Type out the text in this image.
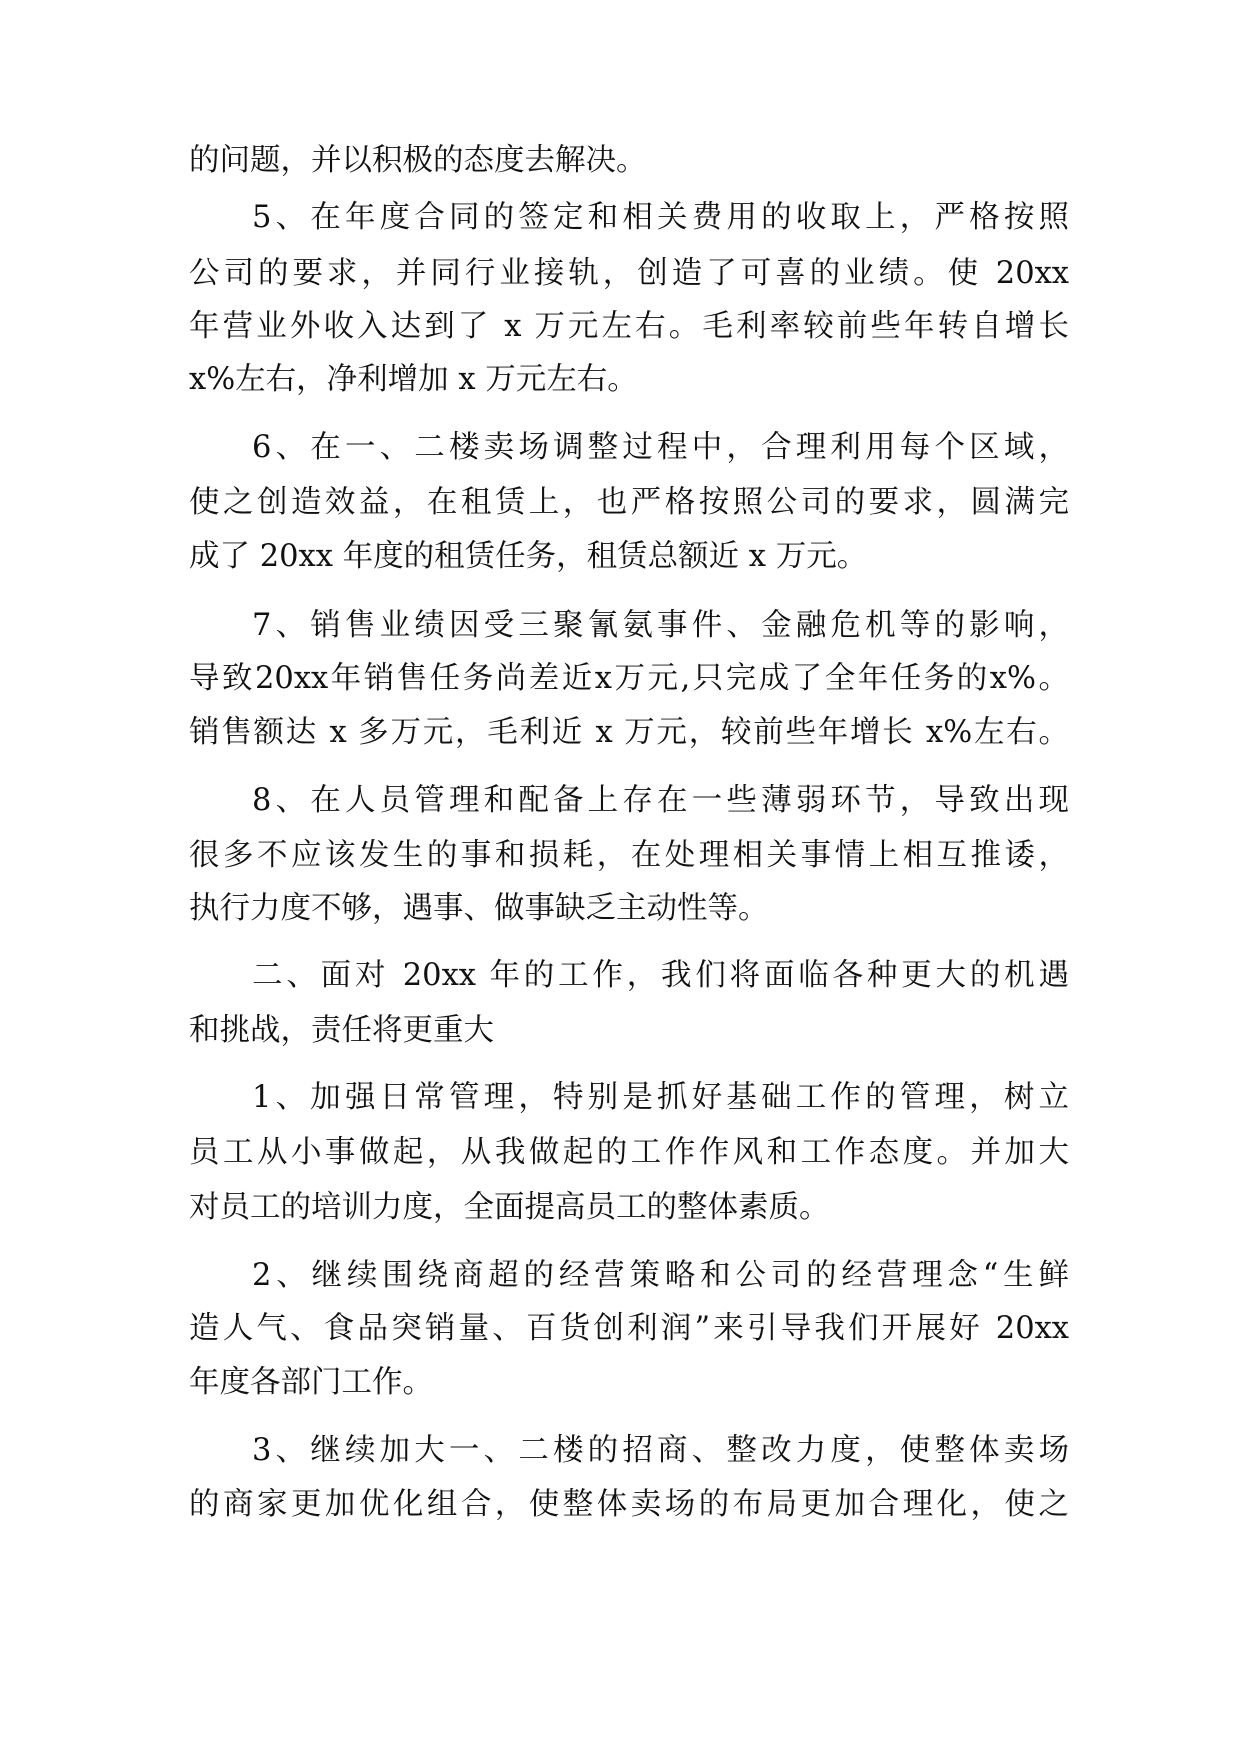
的问题，并以积极的态度去解决。
5、在年度合同的签定和相关费用的收取上，严格按照
公司的要求，并同行业接轨，创造了可喜的业绩。使 20xx
年营业外收入达到了 x 万元左右。毛利率较前些年转自增长
x%左右，净利增加 x 万元左右。
6、在一、二楼卖场调整过程中，合理利用每个区域，
使之创造效益，在租赁上，也严格按照公司的要求，圆满完
成了 20xx 年度的租赁任务，租赁总额近 x 万元。
7、销售业绩因受三聚氰氨事件、金融危机等的影响，
导致20xx年销售任务尚差近x万元,只完成了全年任务的x%。
销售额达 x 多万元，毛利近 x 万元，较前些年增长 x%左右。
8、在人员管理和配备上存在一些薄弱环节，导致出现
很多不应该发生的事和损耗，在处理相关事情上相互推诿，
执行力度不够，遇事、做事缺乏主动性等。
二、面对 20xx 年的工作，我们将面临各种更大的机遇
和挑战，责任将更重大
1、加强日常管理，特别是抓好基础工作的管理，树立
员工从小事做起，从我做起的工作作风和工作态度。并加大
对员工的培训力度，全面提高员工的整体素质。
2、继续围绕商超的经营策略和公司的经营理念“生鲜
造人气、食品突销量、百货创利润”来引导我们开展好 20xx
年度各部门工作。
3、继续加大一、二楼的招商、整改力度，使整体卖场
的商家更加优化组合，使整体卖场的布局更加合理化，使之
